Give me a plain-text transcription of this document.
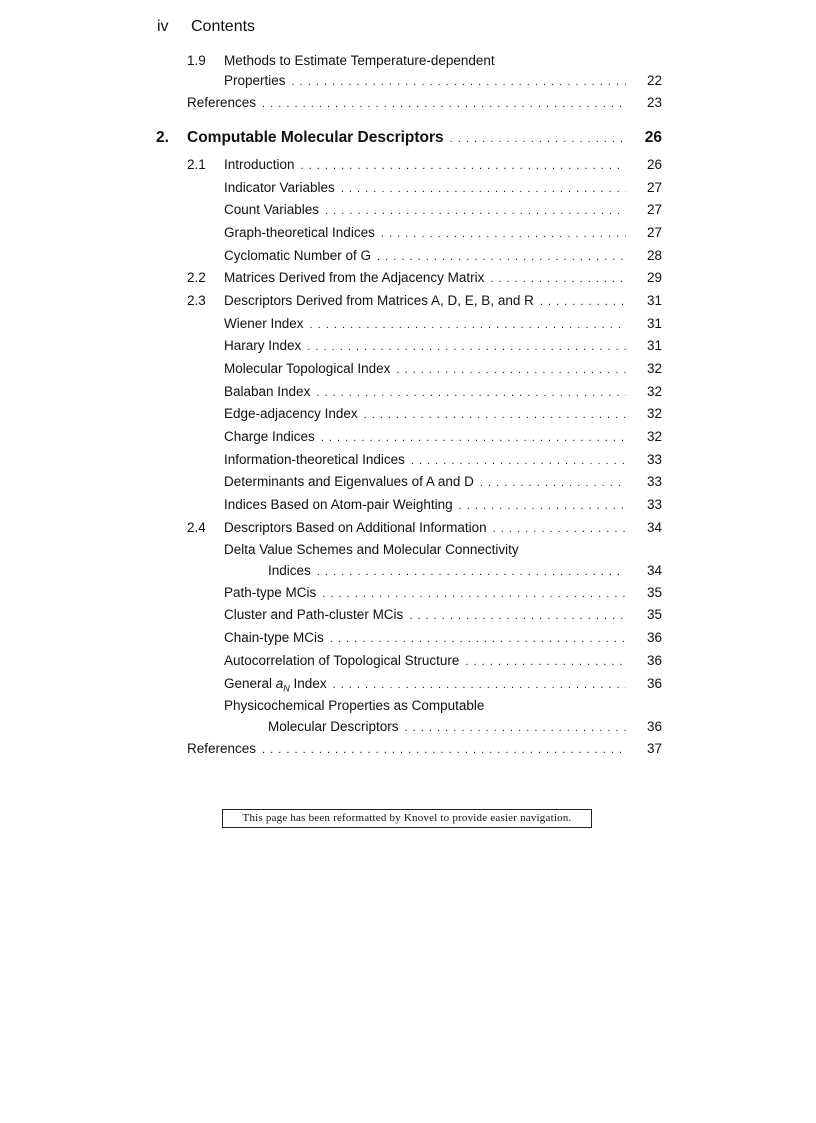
iv Contents
1.9 Methods to Estimate Temperature-dependent
Properties . . .	22
References . . .	23
2. Computable Molecular Descriptors . . .	26
2.1 Introduction . . .	26
Indicator Variables . . .	27
Count Variables . . .	27
Graph-theoretical Indices . . .	27
Cyclomatic Number of G . . .	28
2.2 Matrices Derived from the Adjacency Matrix . . .	29
2.3 Descriptors Derived from Matrices A, D, E, B, and R . . .	31
Wiener Index . . .	31
Harary Index . . .	31
Molecular Topological Index . . .	32
Balaban Index . . .	32
Edge-adjacency Index . . .	32
Charge Indices . . .	32
Information-theoretical Indices . . .	33
Determinants and Eigenvalues of A and D . . .	33
Indices Based on Atom-pair Weighting . . .	33
2.4 Descriptors Based on Additional Information . . .	34
Delta Value Schemes and Molecular Connectivity
Indices . . .	34
Path-type MCis . . .	35
Cluster and Path-cluster MCis . . .	35
Chain-type MCis . . .	36
Autocorrelation of Topological Structure . . .	36
General $a_N$ Index . . .	36
Physicochemical Properties as Computable
Molecular Descriptors . . .	36
References . . .	37
This page has been reformatted by Knovel to provide easier navigation.
